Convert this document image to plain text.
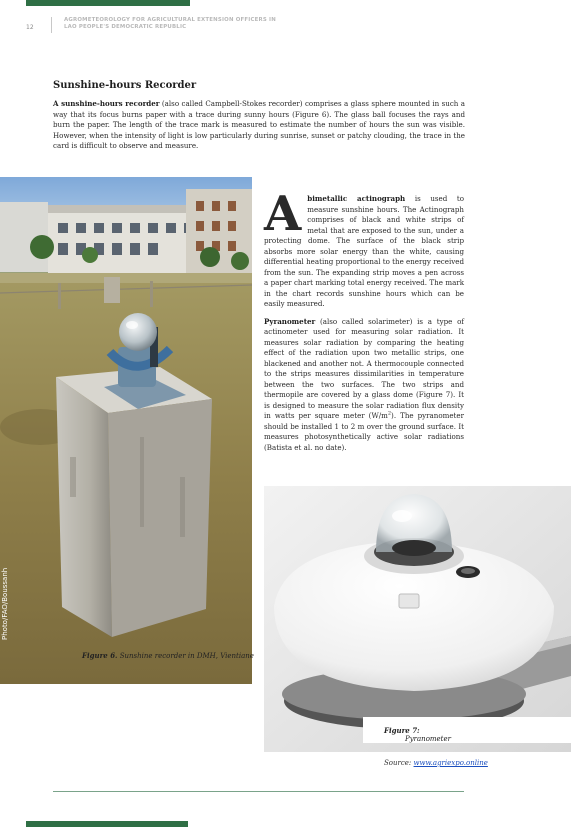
12
AGROMETEOROLOGY FOR AGRICULTURAL EXTENSION OFFICERS IN
LAO PEOPLE'S DEMOCRATIC REPUBLIC
Sunshine-hours Recorder

A sunshine-hours recorder (also called Campbell-Stokes recorder) comprises a glass sphere mounted in such a way that its focus burns paper with a trace during sunny hours (Figure 6). The glass ball focuses the rays and burn the paper. The length of the trace mark is measured to estimate the number of hours the sun was visible. However, when the intensity of light is low particularly during sunrise, sunset or patchy clouding, the trace in the card is difficult to observe and measure.

Photo/FAO/Boussanh
Figure 6. Sunshine recorder in DMH, Vientiane

Abimetallic actinograph is used to measure sunshine hours. The Actinograph comprises of black and white strips of metal that are exposed to the sun, under a protecting dome. The surface of the black strip absorbs more solar energy than the white, causing differential heating proportional to the energy received from the sun. The expanding strip moves a pen across a paper chart marking total energy received. The mark in the chart records sunshine hours which can be easily measured.

Pyranometer (also called solarimeter) is a type of actinometer used for measuring solar radiation. It measures solar radiation by comparing the heating effect of the radiation upon two metallic strips, one blackened and another not. A thermocouple connected to the strips measures dissimilarities in temperature between the two surfaces. The two strips and thermopile are covered by a glass dome (Figure 7). It is designed to measure the solar radiation flux density in watts per square meter $(W/m^2)$. The pyranometer should be installed 1 to 2 m over the ground surface. It measures photosynthetically active solar radiations (Batista et al. no date).

Figure 7:
Pyranometer
Source: www.agriexpo.online
